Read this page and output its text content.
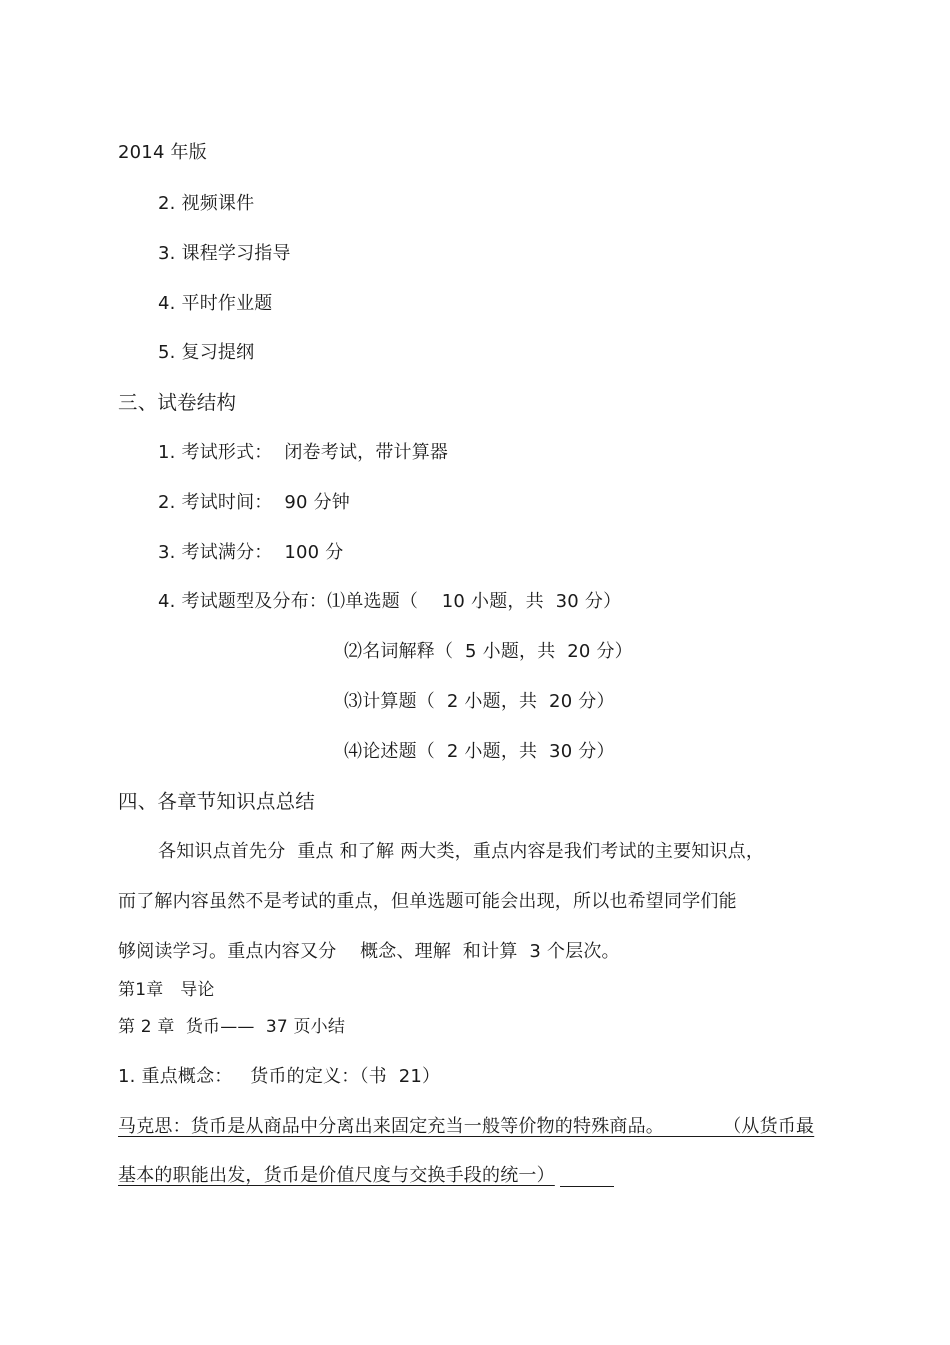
2014 年版
2. 视频课件
3. 课程学习指导
4. 平时作业题
5. 复习提纲
三、试卷结构
1. 考试形式：  闭卷考试，带计算器
2. 考试时间：  90 分钟
3. 考试满分：  100 分
4. 考试题型及分布：⑴单选题（    10 小题，共  30 分）
⑵名词解释（  5 小题，共  20 分）
⑶计算题（  2 小题，共  20 分）
⑷论述题（  2 小题，共  30 分）
四、各章节知识点总结
各知识点首先分  重点 和了解 两大类，重点内容是我们考试的主要知识点，
而了解内容虽然不是考试的重点，但单选题可能会出现，所以也希望同学们能
够阅读学习。重点内容又分    概念、理解  和计算  3 个层次。
第1章   导论
第 2 章  货币——  37 页小结
1. 重点概念：   货币的定义：（书  21）
马克思：货币是从商品中分离出来固定充当一般等价物的特殊商品。          （从货币最
基本的职能出发，货币是价值尺度与交换手段的统一）
